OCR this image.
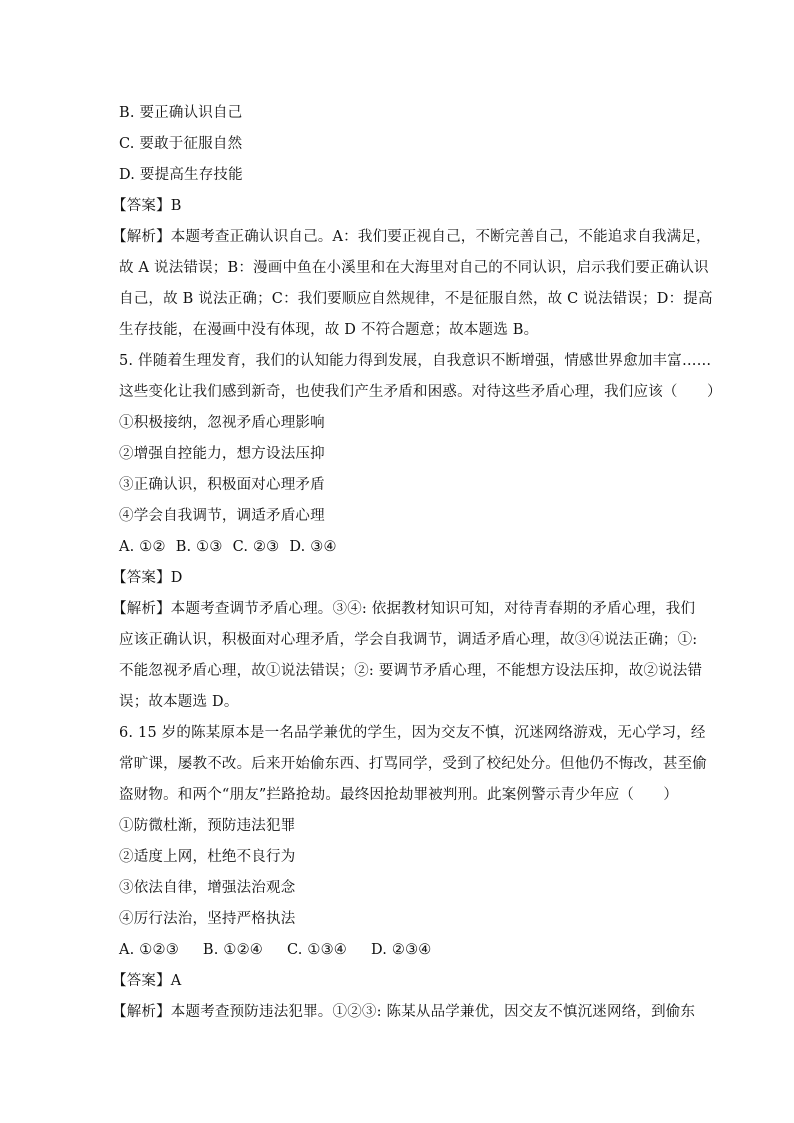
B. 要正确认识自己
C. 要敢于征服自然
D. 要提高生存技能
【答案】B
【解析】本题考查正确认识自己。A：我们要正视自己，不断完善自己，不能追求自我满足，
故 A 说法错误；B：漫画中鱼在小溪里和在大海里对自己的不同认识，启示我们要正确认识
自己，故 B 说法正确；C：我们要顺应自然规律，不是征服自然，故 C 说法错误；D：提高
生存技能，在漫画中没有体现，故 D 不符合题意；故本题选 B。
5. 伴随着生理发育，我们的认知能力得到发展，自我意识不断增强，情感世界愈加丰富……
这些变化让我们感到新奇，也使我们产生矛盾和困惑。对待这些矛盾心理，我们应该（　　）
①积极接纳，忽视矛盾心理影响
②增强自控能力，想方设法压抑
③正确认识，积极面对心理矛盾
④学会自我调节，调适矛盾心理
A. ①② B. ①③ C. ②③ D. ③④
【答案】D
【解析】本题考查调节矛盾心理。③④: 依据教材知识可知，对待青春期的矛盾心理，我们
应该正确认识，积极面对心理矛盾，学会自我调节，调适矛盾心理，故③④说法正确；①:
不能忽视矛盾心理，故①说法错误；②: 要调节矛盾心理，不能想方设法压抑，故②说法错
误；故本题选 D。
6. 15 岁的陈某原本是一名品学兼优的学生，因为交友不慎，沉迷网络游戏，无心学习，经
常旷课，屡教不改。后来开始偷东西、打骂同学，受到了校纪处分。但他仍不悔改，甚至偷
盗财物。和两个“朋友”拦路抢劫。最终因抢劫罪被判刑。此案例警示青少年应（　　）
①防微杜渐，预防违法犯罪
②适度上网，杜绝不良行为
③依法自律，增强法治观念
④厉行法治，坚持严格执法
A. ①②③ B. ①②④ C. ①③④ D. ②③④
【答案】A
【解析】本题考查预防违法犯罪。①②③: 陈某从品学兼优，因交友不慎沉迷网络，到偷东
